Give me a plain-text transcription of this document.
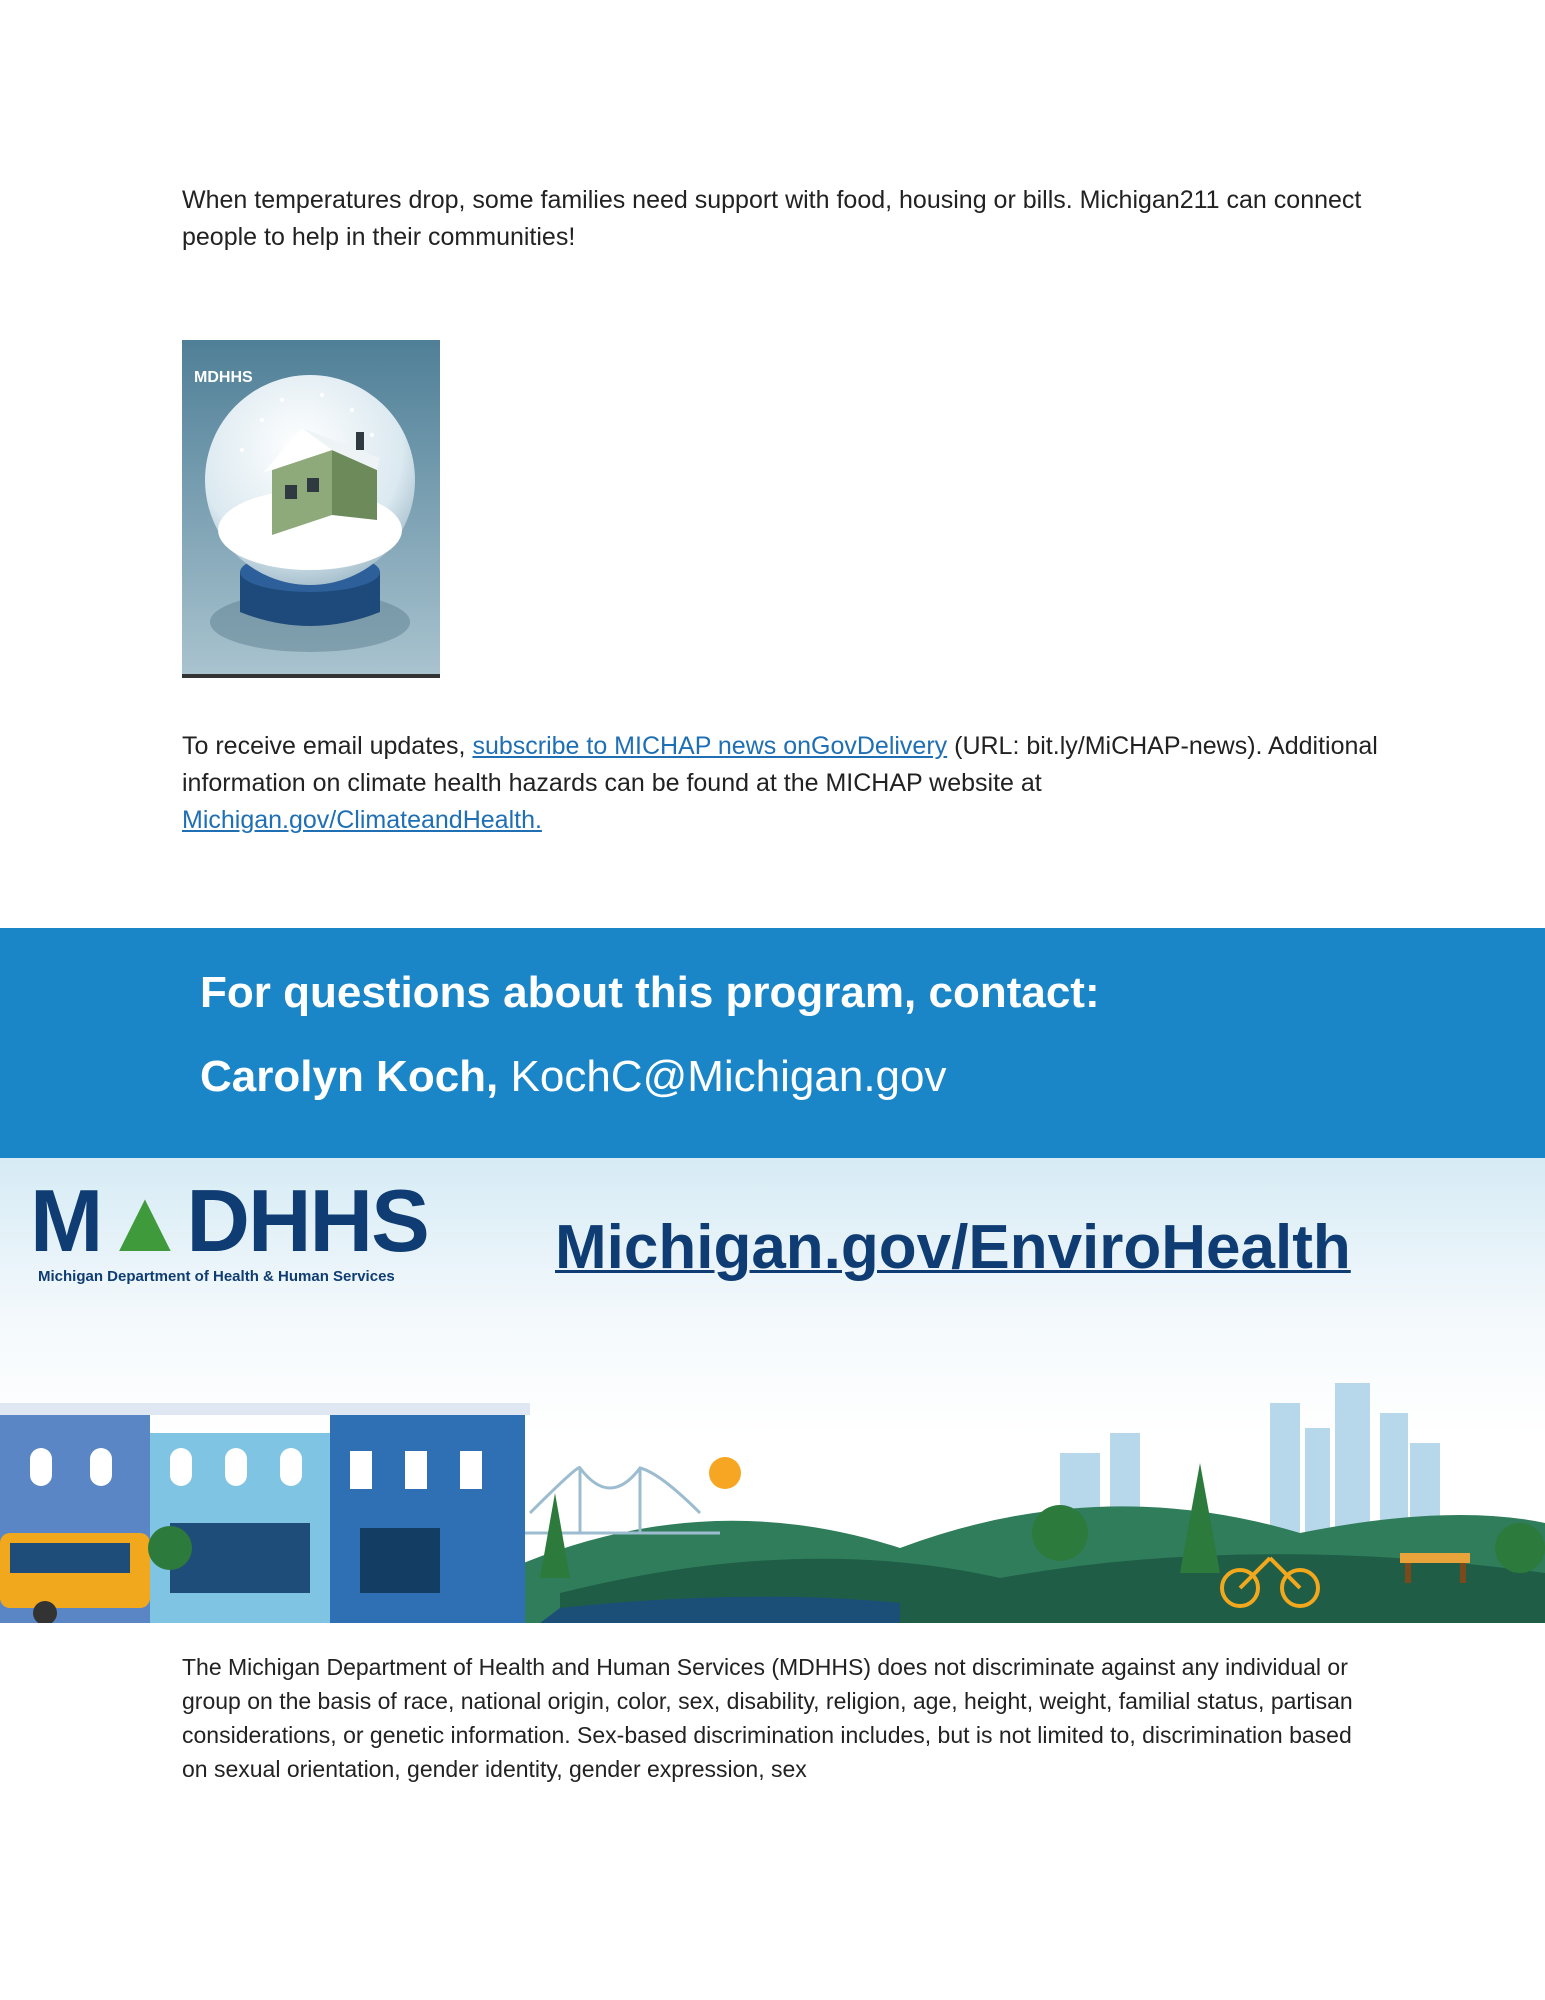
When temperatures drop, some families need support with food, housing or bills. Michigan211 can connect people to help in their communities!
MDHHS
To receive email updates, subscribe to MICHAP news onGovDelivery (URL: bit.ly/MiCHAP-news). Additional information on climate health hazards can be found at the MICHAP website at Michigan.gov/ClimateandHealth.
For questions about this program, contact:
Carolyn Koch, KochC@Michigan.gov
M▲DHHS
Michigan Department of Health & Human Services	Michigan.gov/EnviroHealth
The Michigan Department of Health and Human Services (MDHHS) does not discriminate against any individual or group on the basis of race, national origin, color, sex, disability, religion, age, height, weight, familial status, partisan considerations, or genetic information. Sex-based discrimination includes, but is not limited to, discrimination based on sexual orientation, gender identity, gender expression, sex
